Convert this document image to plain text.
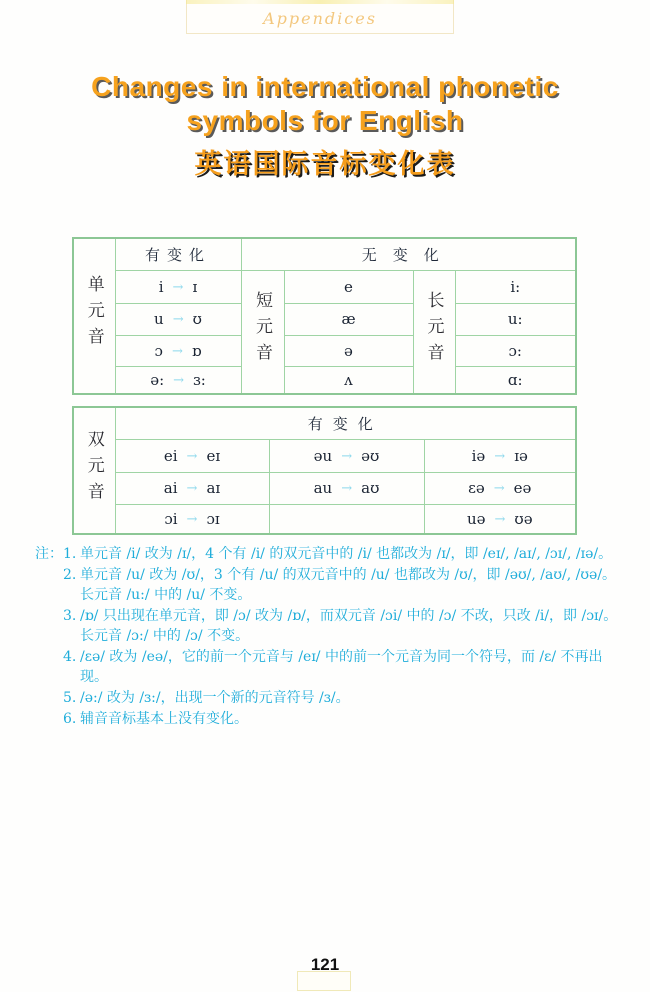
Appendices
Changes in international phonetic
symbols for English
英语国际音标变化表
单元音	有变化	无变化			
	i → ɪ	短元音	e	长元音	i:
	u → ʊ		æ		u:
	ɔ → ɒ		ə		ɔ:
	ə: → ɜ:		ʌ		ɑ:
双元音	有变化		
	ei → eɪ	əu → əʊ	iə → ɪə
	ai → aɪ	au → aʊ	ɛə → eə
	ɔi → ɔɪ		uə → ʊə
注： 1. 单元音 /i/ 改为 /ɪ/，4 个有 /i/ 的双元音中的 /i/ 也都改为 /ɪ/，即 /eɪ/, /aɪ/, /ɔɪ/, /ɪə/。
2. 单元音 /u/ 改为 /ʊ/，3 个有 /u/ 的双元音中的 /u/ 也都改为 /ʊ/，即 /əʊ/, /aʊ/, /ʊə/。长元音 /u:/ 中的 /u/ 不变。
3. /ɒ/ 只出现在单元音，即 /ɔ/ 改为 /ɒ/，而双元音 /ɔi/ 中的 /ɔ/ 不改，只改 /i/，即 /ɔɪ/。长元音 /ɔ:/ 中的 /ɔ/ 不变。
4. /ɛə/ 改为 /eə/，它的前一个元音与 /eɪ/ 中的前一个元音为同一个符号，而 /ɛ/ 不再出现。
5. /ə:/ 改为 /ɜ:/，出现一个新的元音符号 /ɜ/。
6. 辅音音标基本上没有变化。
121
